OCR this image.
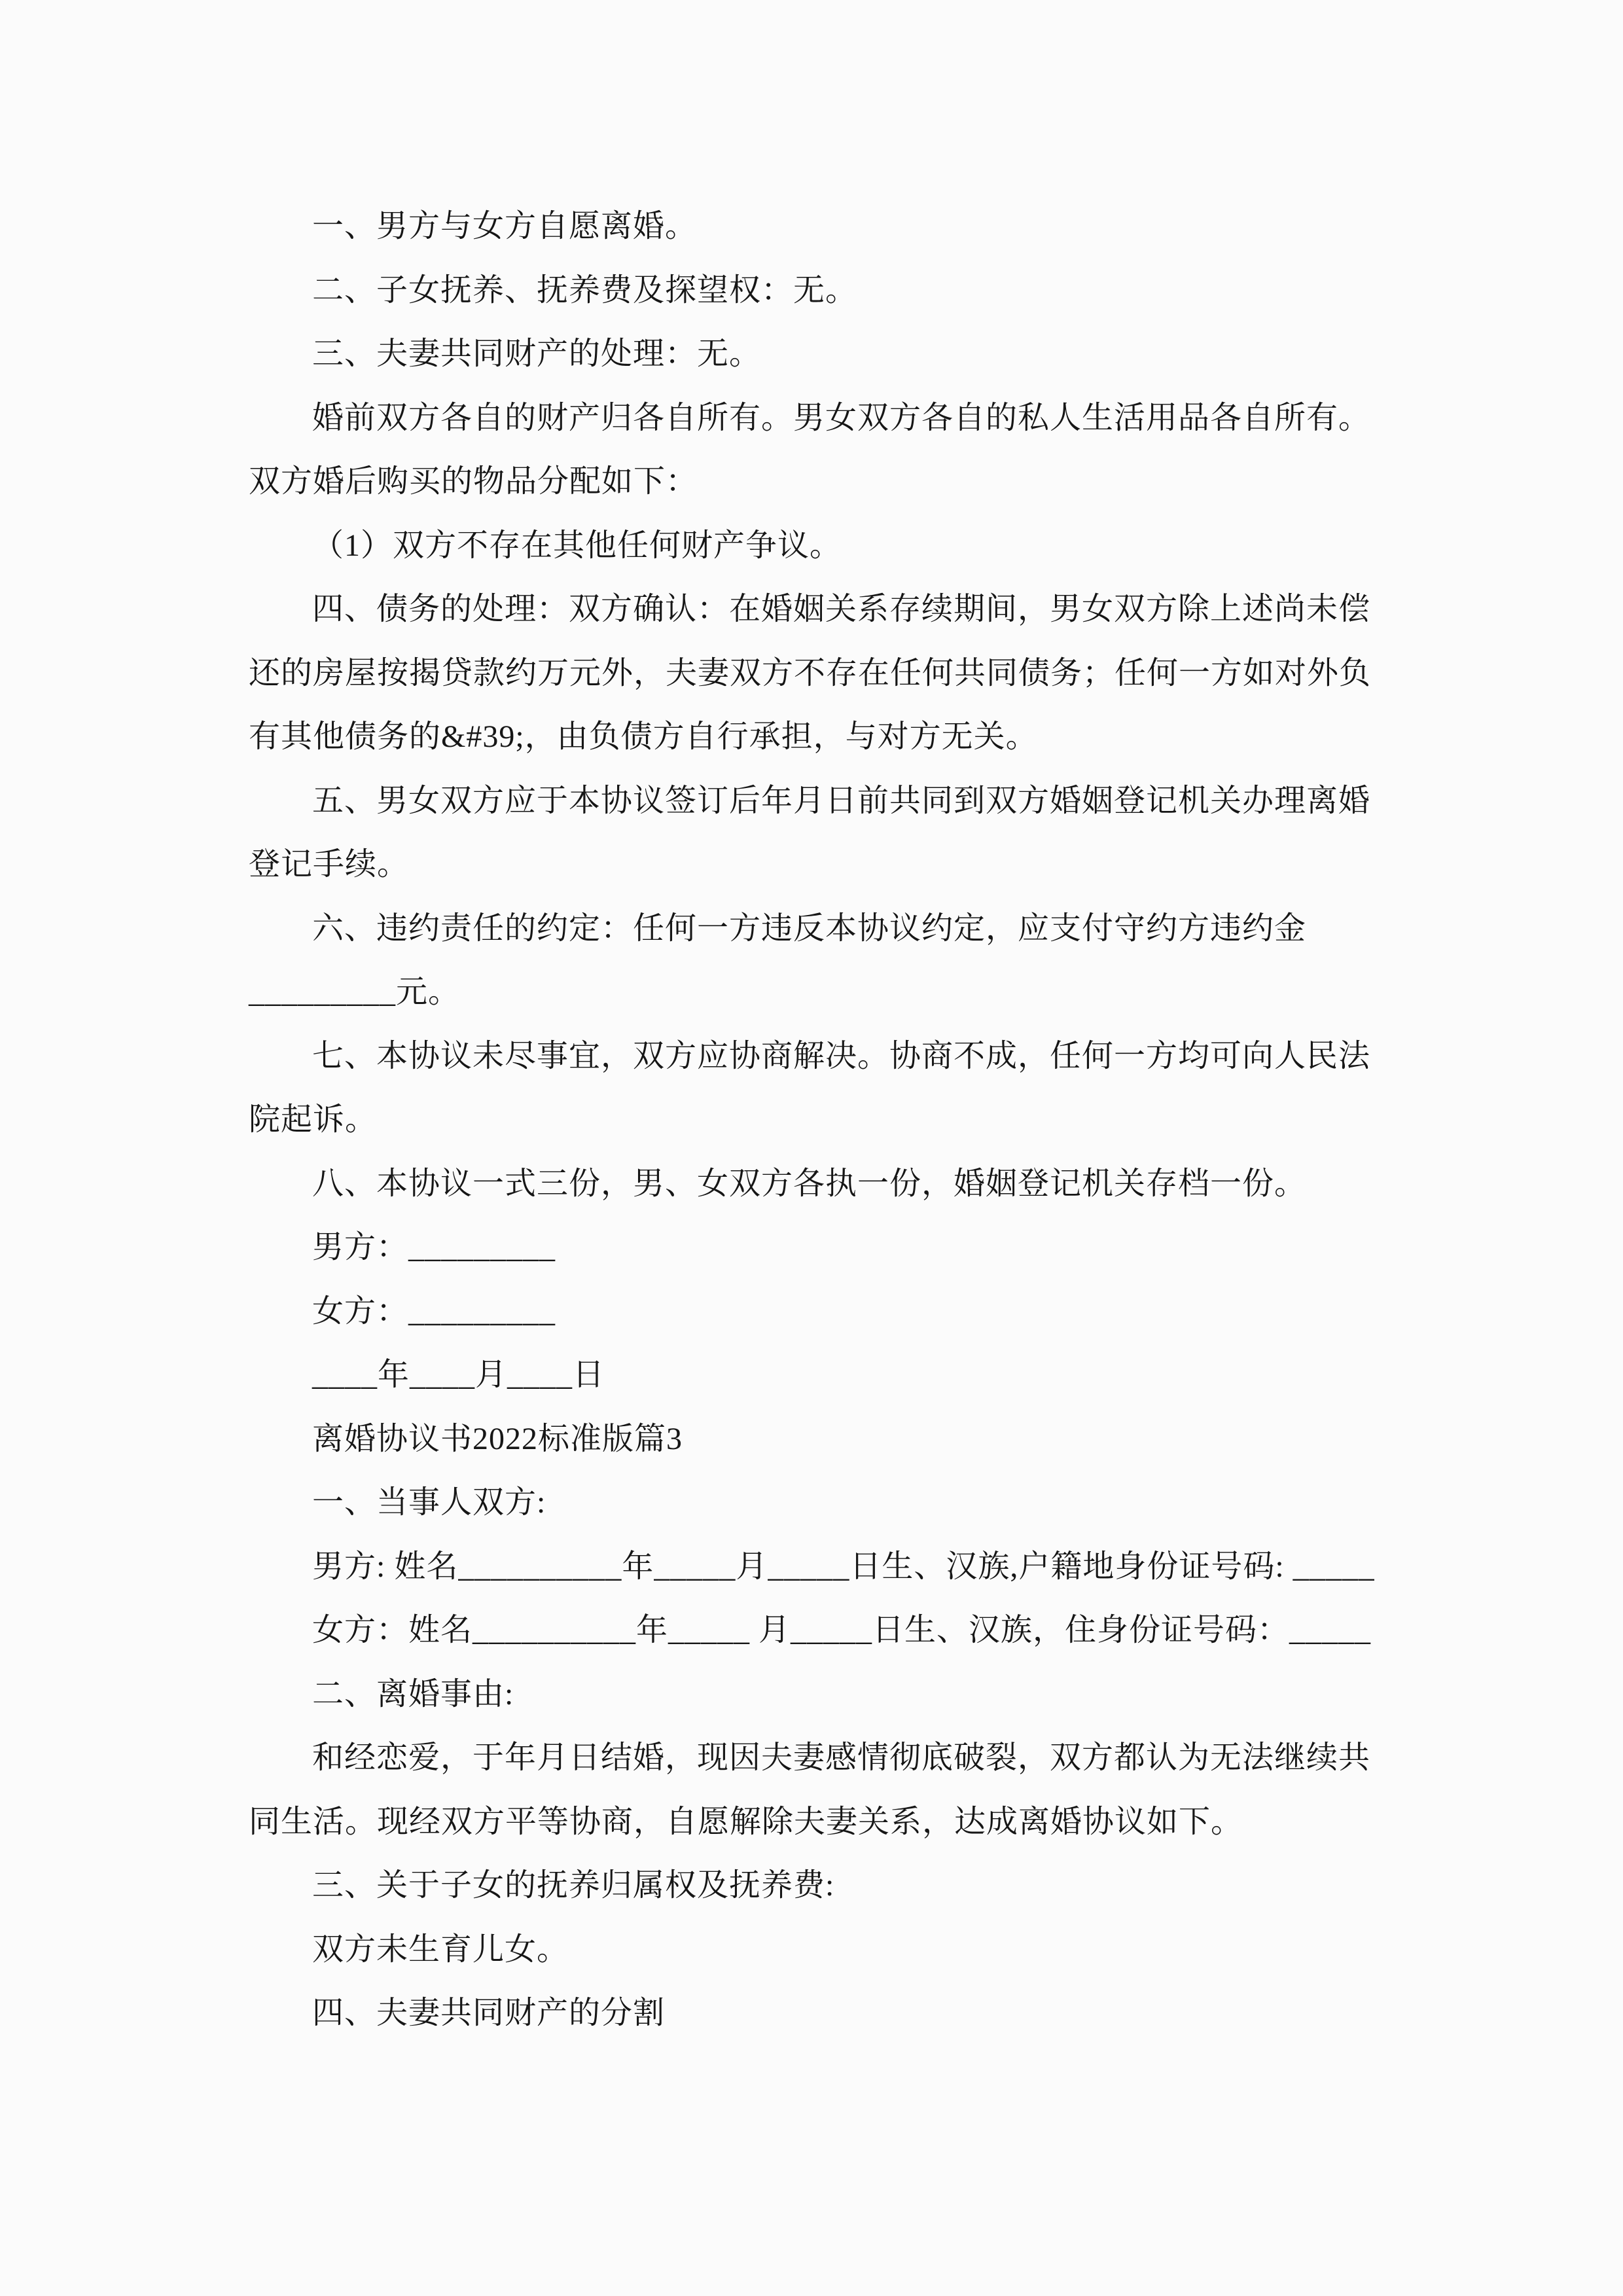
一、男方与女方自愿离婚。
二、子女抚养、抚养费及探望权：无。
三、夫妻共同财产的处理：无。
婚前双方各自的财产归各自所有。男女双方各自的私人生活用品各自所有。
双方婚后购买的物品分配如下：
（1）双方不存在其他任何财产争议。
四、债务的处理：双方确认：在婚姻关系存续期间，男女双方除上述尚未偿
还的房屋按揭贷款约万元外，夫妻双方不存在任何共同债务；任何一方如对外负
有其他债务的&#39;，由负债方自行承担，与对方无关。
五、男女双方应于本协议签订后年月日前共同到双方婚姻登记机关办理离婚
登记手续。
六、违约责任的约定：任何一方违反本协议约定，应支付守约方违约金
_________元。
七、本协议未尽事宜，双方应协商解决。协商不成，任何一方均可向人民法
院起诉。
八、本协议一式三份，男、女双方各执一份，婚姻登记机关存档一份。
男方：_________
女方：_________
____年____月____日
离婚协议书2022标准版篇3
一、当事人双方:
男方: 姓名__________年_____月_____日生、汉族,户籍地身份证号码: _____
女方：姓名__________年_____ 月_____日生、汉族，住身份证号码：_____
二、离婚事由:
和经恋爱，于年月日结婚，现因夫妻感情彻底破裂，双方都认为无法继续共
同生活。现经双方平等协商，自愿解除夫妻关系，达成离婚协议如下。
三、关于子女的抚养归属权及抚养费:
双方未生育儿女。
四、夫妻共同财产的分割
